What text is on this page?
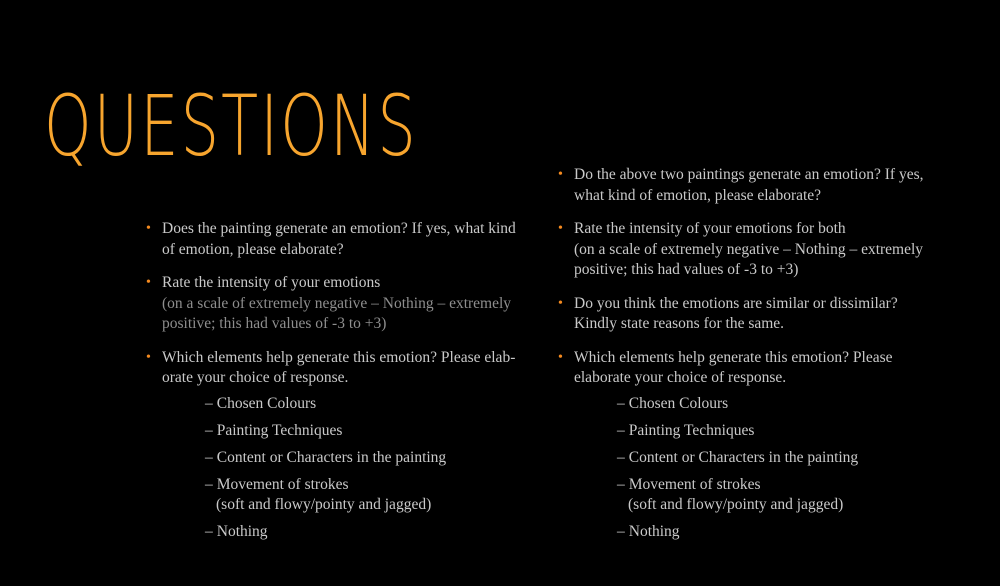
QUESTIONS
• Does the painting generate an emotion? If yes, what kind of emotion, please elaborate?
• Rate the intensity of your emotions
(on a scale of extremely negative – Nothing – extremely positive; this had values of -3 to +3)
• Which elements help generate this emotion? Please elab-orate your choice of response.
– Chosen Colours
– Painting Techniques
– Content or Characters in the painting
– Movement of strokes
(soft and flowy/pointy and jagged)
– Nothing
• Do the above two paintings generate an emotion? If yes, what kind of emotion, please elaborate?
• Rate the intensity of your emotions for both
(on a scale of extremely negative – Nothing – extremely positive; this had values of -3 to +3)
• Do you think the emotions are similar or dissimilar? Kindly state reasons for the same.
• Which elements help generate this emotion? Please elaborate your choice of response.
– Chosen Colours
– Painting Techniques
– Content or Characters in the painting
– Movement of strokes
(soft and flowy/pointy and jagged)
– Nothing
